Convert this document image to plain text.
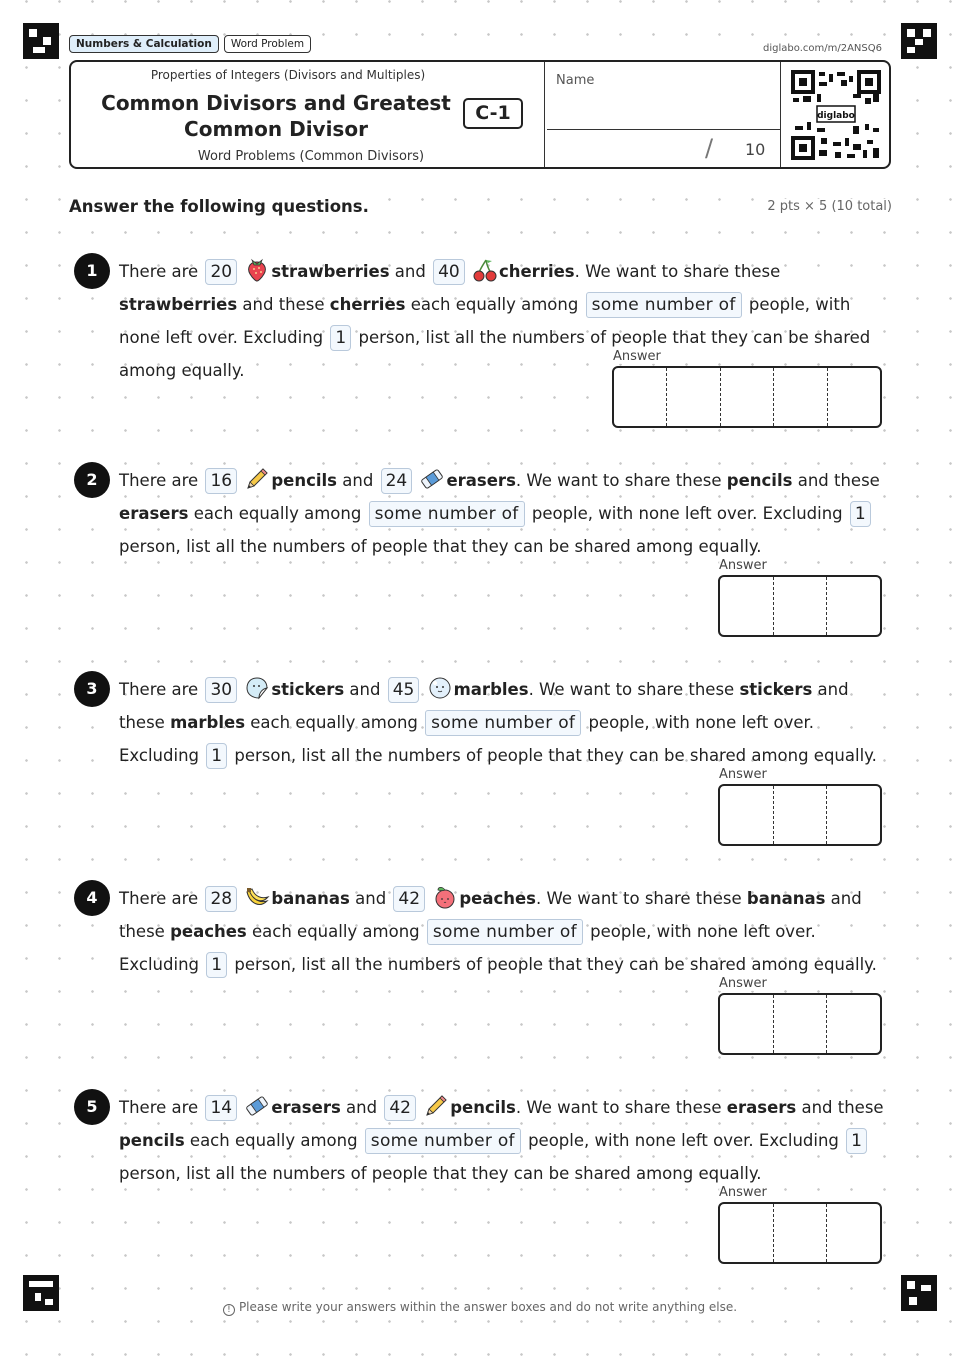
Numbers & Calculation	Word Problem	diglabo.com/m/2ANSQ6
Properties of Integers (Divisors and Multiples)
Common Divisors and Greatest
Common Divisor
Word Problems (Common Divisors)
C-1
Name
/ 10
diglabo
Answer the following questions.	2 pts × 5 (10 total)
1	There are 20 strawberries and 40 cherries. We want to share these strawberries and these cherries each equally among some number of people, with none left over. Excluding 1 person, list all the numbers of people that they can be shared among equally.
Answer
2	There are 16 pencils and 24 erasers. We want to share these pencils and these erasers each equally among some number of people, with none left over. Excluding 1 person, list all the numbers of people that they can be shared among equally.
Answer
3	There are 30 stickers and 45 marbles. We want to share these stickers and these marbles each equally among some number of people, with none left over. Excluding 1 person, list all the numbers of people that they can be shared among equally.
Answer
4	There are 28 bananas and 42 peaches. We want to share these bananas and these peaches each equally among some number of people, with none left over. Excluding 1 person, list all the numbers of people that they can be shared among equally.
Answer
5	There are 14 erasers and 42 pencils. We want to share these erasers and these pencils each equally among some number of people, with none left over. Excluding 1 person, list all the numbers of people that they can be shared among equally.
Answer
! Please write your answers within the answer boxes and do not write anything else.
